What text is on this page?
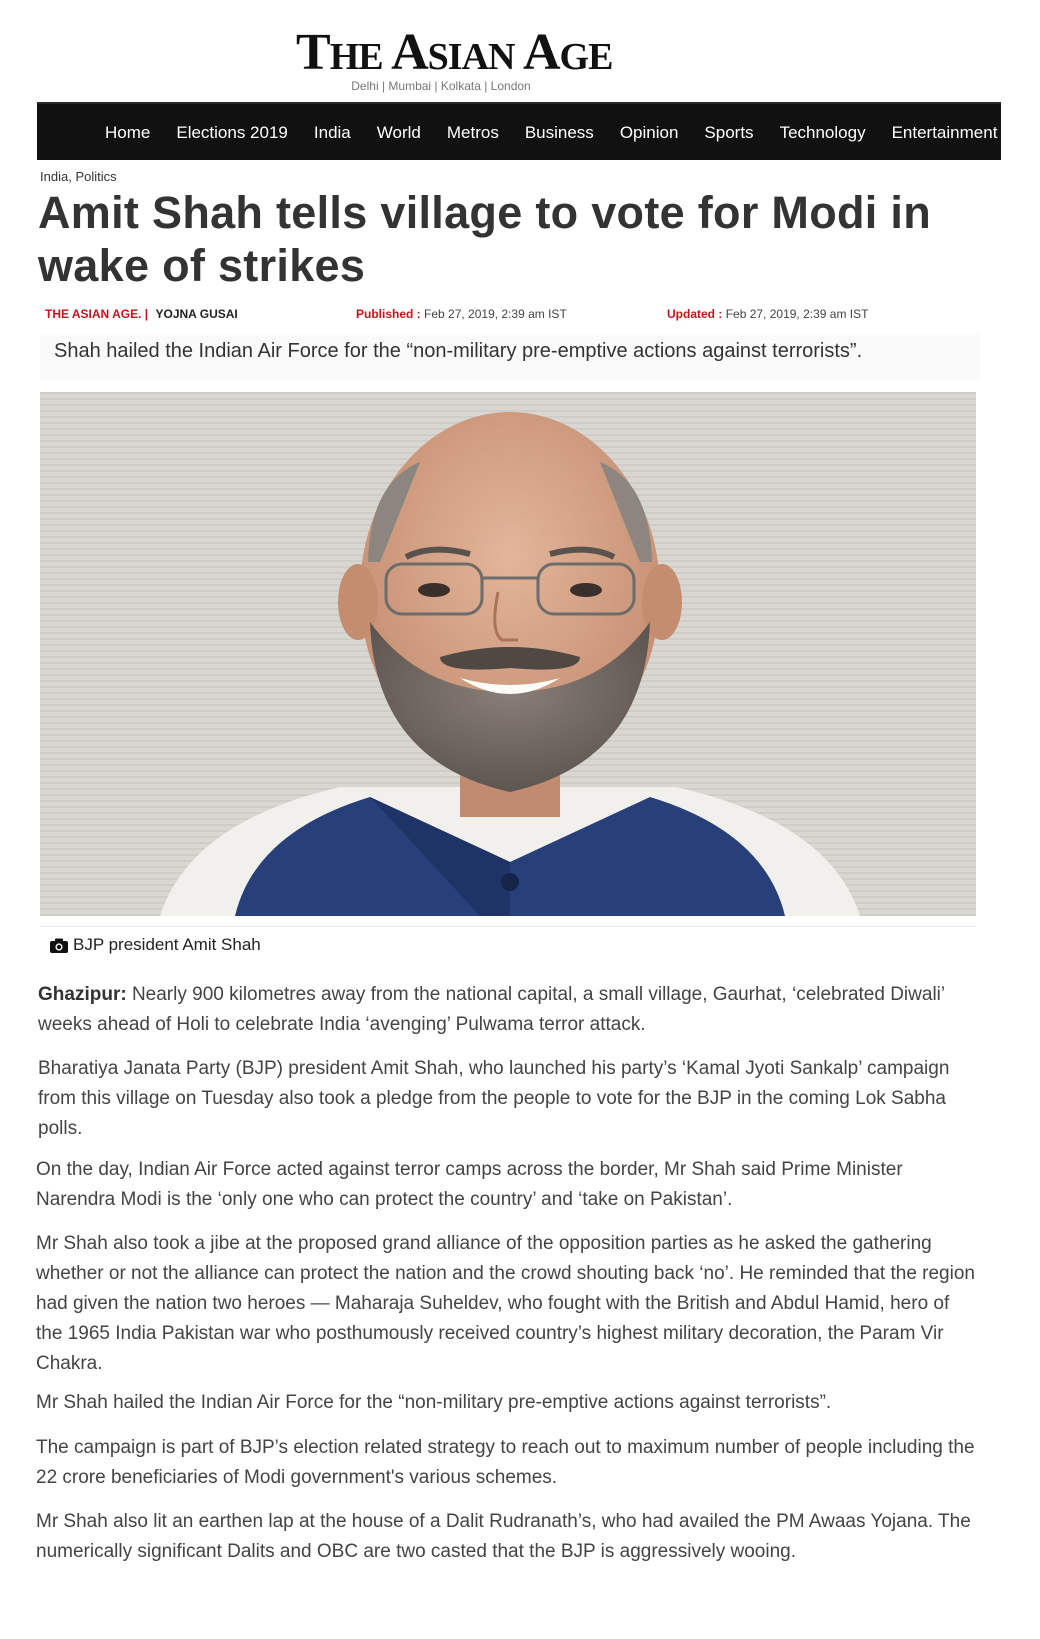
THE ASIAN AGE
Delhi | Mumbai | Kolkata | London
Home Elections 2019 India World Metros Business Opinion Sports Technology Entertainment
India, Politics
Amit Shah tells village to vote for Modi in wake of strikes
THE ASIAN AGE. | YOJNA GUSAI	Published : Feb 27, 2019, 2:39 am IST	Updated : Feb 27, 2019, 2:39 am IST
Shah hailed the Indian Air Force for the “non-military pre-emptive actions against terrorists”.
BJP president Amit Shah

Ghazipur: Nearly 900 kilometres away from the national capital, a small village, Gaurhat, ‘celebrated Diwali’ weeks ahead of Holi to celebrate India ‘avenging’ Pulwama terror attack.

Bharatiya Janata Party (BJP) president Amit Shah, who launched his party’s ‘Kamal Jyoti Sankalp’ campaign from this village on Tuesday also took a pledge from the people to vote for the BJP in the coming Lok Sabha polls.

On the day, Indian Air Force acted against terror camps across the border, Mr Shah said Prime Minister Narendra Modi is the ‘only one who can protect the country’ and ‘take on Pakistan’.

Mr Shah also took a jibe at the proposed grand alliance of the opposition parties as he asked the gathering whether or not the alliance can protect the nation and the crowd shouting back ‘no’. He reminded that the region had given the nation two heroes — Maharaja Suheldev, who fought with the British and Abdul Hamid, hero of the 1965 India Pakistan war who posthumously received country’s highest military decoration, the Param Vir Chakra.

Mr Shah hailed the Indian Air Force for the “non-military pre-emptive actions against terrorists”.

The campaign is part of BJP’s election related strategy to reach out to maximum number of people including the 22 crore beneficiaries of Modi government's various schemes.

Mr Shah also lit an earthen lap at the house of a Dalit Rudranath’s, who had availed the PM Awaas Yojana. The numerically significant Dalits and OBC are two casted that the BJP is aggressively wooing.
